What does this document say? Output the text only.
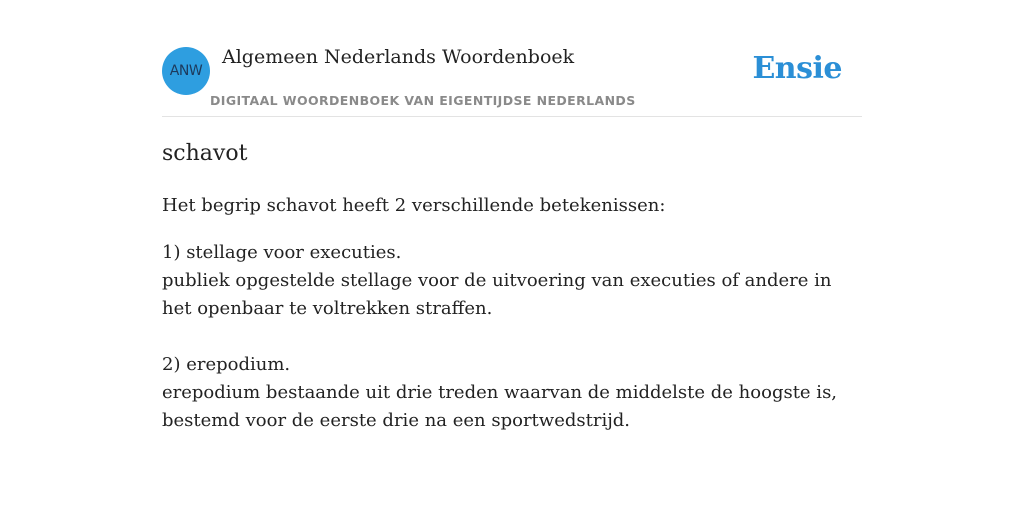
ANW
Algemeen Nederlands Woordenboek
DIGITAAL WOORDENBOEK VAN EIGENTIJDSE NEDERLANDS
Ensie
schavot

Het begrip schavot heeft 2 verschillende betekenissen:

1) stellage voor executies.

publiek opgestelde stellage voor de uitvoering van executies of andere in het openbaar te voltrekken straffen.

2) erepodium.

erepodium bestaande uit drie treden waarvan de middelste de hoogste is, bestemd voor de eerste drie na een sportwedstrijd.
